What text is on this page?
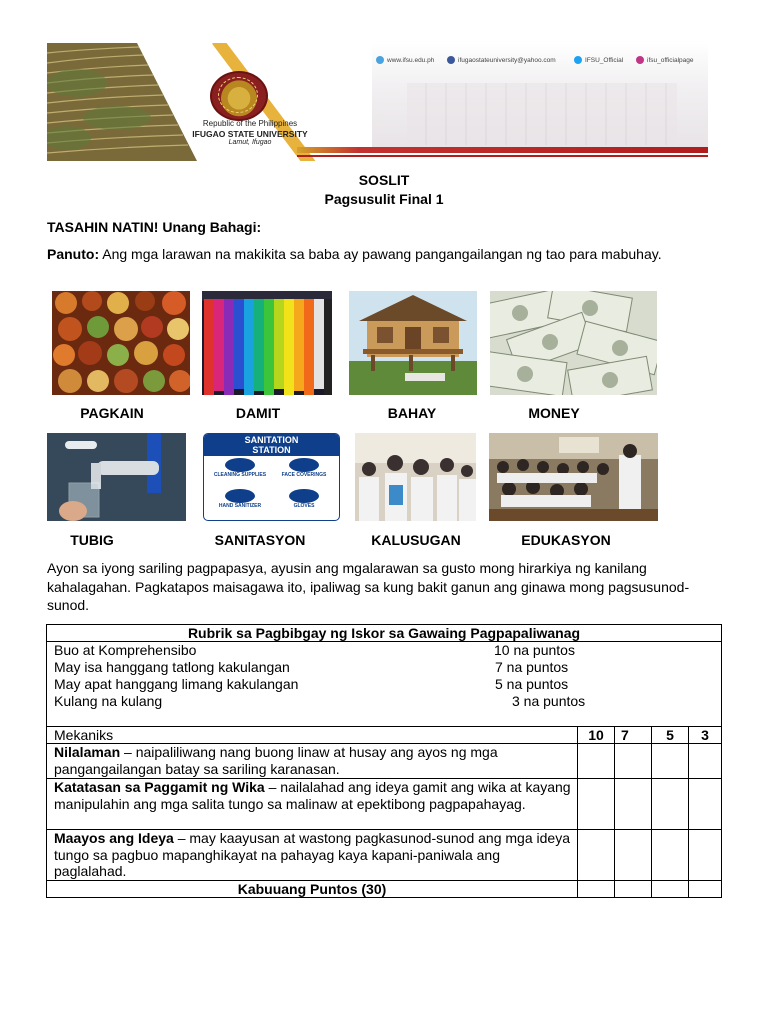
Republic of the Philippines
IFUGAO STATE UNIVERSITY
Lamut, Ifugao
www.ifsu.edu.ph	ifugaostateuniversity@yahoo.com	IFSU_Official	ifsu_officialpage
SOSLIT
Pagsusulit Final 1
TASAHIN NATIN! Unang Bahagi:
Panuto: Ang mga larawan na makikita sa baba ay pawang pangangailangan ng tao para mabuhay.
PAGKAIN	DAMIT	BAHAY	MONEY
SANITATION
STATION
CLEANING SUPPLIES	FACE COVERINGS
HAND SANITIZER	GLOVES
TUBIG	SANITASYON	KALUSUGAN	EDUKASYON
Ayon sa iyong sariling pagpapasya, ayusin ang mgalarawan sa gusto mong hirarkiya ng kanilang kahalagahan. Pagkatapos maisagawa ito, ipaliwag sa kung bakit ganun ang ginawa mong pagsusunod-sunod.
Rubrik sa Pagbibgay ng Iskor sa Gawaing Pagpapaliwanag
Buo at Komprehensibo	10 na puntos
May isa hanggang tatlong kakulangan	7 na puntos
May apat hanggang limang kakulangan	5 na puntos
Kulang na kulang	3 na puntos
Mekaniks	10	7	5	3
Nilalaman – naipaliliwang nang buong linaw at husay ang ayos ng mga pangangailangan batay sa sariling karanasan.
Katatasan sa Paggamit ng Wika – nailalahad ang ideya gamit ang wika at kayang manipulahin ang mga salita tungo sa malinaw at epektibong pagpapahayag.
Maayos ang Ideya – may kaayusan at wastong pagkasunod-sunod ang mga ideya tungo sa pagbuo mapanghikayat na pahayag kaya kapani-paniwala ang paglalahad.
Kabuuang Puntos (30)
